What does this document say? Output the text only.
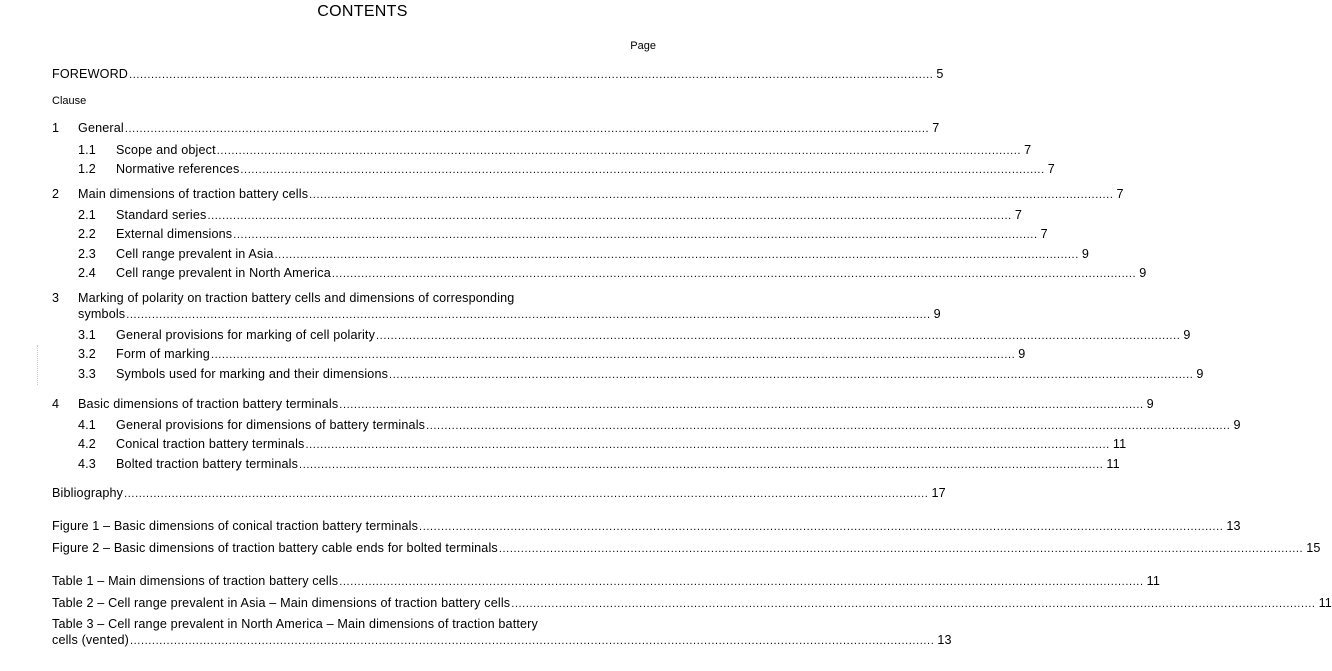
CONTENTS
Page
Clause
FOREWORD ............................................................................................................................................................................................................................ 5
1 General ............................................................................................................................................................................................................................ 7
1.1 Scope and object ............................................................................................................................................................................................................................ 7
1.2 Normative references ............................................................................................................................................................................................................................ 7
2 Main dimensions of traction battery cells ............................................................................................................................................................................................................................ 7
2.1 Standard series ............................................................................................................................................................................................................................ 7
2.2 External dimensions ............................................................................................................................................................................................................................ 7
2.3 Cell range prevalent in Asia ............................................................................................................................................................................................................................ 9
2.4 Cell range prevalent in North America ............................................................................................................................................................................................................................ 9
3 Marking of polarity on traction battery cells and dimensions of corresponding
symbols ............................................................................................................................................................................................................................ 9
3.1 General provisions for marking of cell polarity ............................................................................................................................................................................................................................ 9
3.2 Form of marking ............................................................................................................................................................................................................................ 9
3.3 Symbols used for marking and their dimensions ............................................................................................................................................................................................................................ 9
4 Basic dimensions of traction battery terminals ............................................................................................................................................................................................................................ 9
4.1 General provisions for dimensions of battery terminals ............................................................................................................................................................................................................................ 9
4.2 Conical traction battery terminals ............................................................................................................................................................................................................................ 11
4.3 Bolted traction battery terminals ............................................................................................................................................................................................................................ 11
Bibliography ............................................................................................................................................................................................................................ 17
Figure 1 – Basic dimensions of conical traction battery terminals ............................................................................................................................................................................................................................ 13
Figure 2 – Basic dimensions of traction battery cable ends for bolted terminals ............................................................................................................................................................................................................................ 15
Table 1 – Main dimensions of traction battery cells ............................................................................................................................................................................................................................ 11
Table 2 – Cell range prevalent in Asia – Main dimensions of traction battery cells ............................................................................................................................................................................................................................ 11
Table 3 – Cell range prevalent in North America – Main dimensions of traction battery
cells (vented) ............................................................................................................................................................................................................................ 13
